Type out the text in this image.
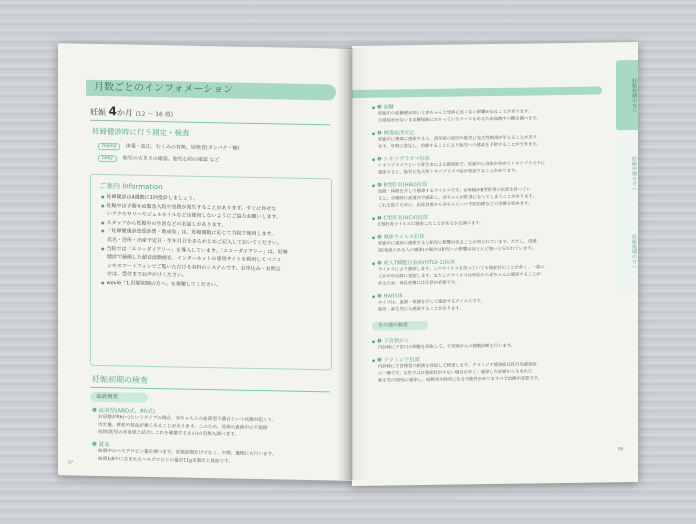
月数ごとのインフォメーション
妊娠 4か月 (12 ～ 16 週)
妊婦健診時に行う測定・検査
mama 体重・血圧、むくみの有無、尿検査(タンパク・糖)
baby 胎児の大きさの確認、胎児心拍の確認 など
ご案内 Information
● 妊婦健診は4週間に1回受診しましょう。
● 妊娠中は予期せぬ緊急入院や処置が発生することがあります。すぐに外せな
いアクセサリーやジェルネイルなどは使用しないようにご協力お願いします。
● スタッフから妊娠中の生活などのお話しがあります。
● 「妊婦健康診査受診票・助成券」は、妊娠週数に応じて当院で使用します。
氏名・住所・出産予定日・生年月日をあらかじめご記入しておいてください。
● 当院では「エコーダイアリー」を導入しています。「エコーダイアリー」は、妊婦
健診で録画した超音波動画を、インターネットの専用サイトを利用してパソコ
ンやスマートフォンでご覧いただける有料のシステムです。お申込み・お問合
せは、受付までお声がけください。
● wovie「1.妊娠初期の方へ」を視聴してください。
妊娠初期の検査
血液検査
❶ 血液型(ABO式、Rh式)
お母様がRh(−)というタイプの場合、赤ちゃんとの血液型不適合という状態が起こり、
出生後、黄疸や貧血が強く出ることがあります。このため、母体の血液中の不規則
抗体(胎児の赤血球と結合しこれを破壊するもの)の有無も調べます。
❷ 貧血
血液中のヘモグロビン量を調べます。妊娠初期だけでなく、中期、後期にも行います。
血液1dl中に含まれるヘモグロビンの量が11g未満だと貧血です。
07
妊娠初期の方へ
妊娠中期の方へ
妊娠後期の方へ
● ❸ 血糖
妊娠中の血糖値が高いと赤ちゃんと母体に良くない影響が出ることがあります。
自覚症状がないまま糖尿病にかかっているケースもあるため血液中の糖を調べます。
● ❹ 梅毒血清反応
妊娠中に梅毒に感染すると、流早産の原因や胎児に先天性梅毒が生じることがあり
ます。早期に発見し、治療することにより胎児への感染を予防することができます。
● ❺ トキソプラズマ抗体
トキソプラズマという寄生虫による感染症で、妊娠中に母体が初めてトキソプラズマに
感染すると、胎児に先天性トキソプラズマ症が発症することがあります。
● ❻ B型肝炎(HBs)抗原
血液・体液を介して感染するウイルスです。お母様がB型肝炎の抗原を持ってい
ると、分娩時に産道内で感染し、赤ちゃんが肝炎になってしまうことがあります。
これを防ぐために、出産直後から赤ちゃんへの予防治療などの治療を始めます。
● ❼ C型肝炎(HCV)抗体
C型肝炎ウイルスに感染したことがあるかを調べます。
● ❽ 風疹ウイルス抗体
妊娠中に風疹に感染すると胎児に影響が出ることが知られています。ただし、再感
染(免疫のある人の感染)の場合は胎児への影響はほとんど無いと言われています。
● ❾ 成人T細胞白血病(HTLV-1)抗体
ウイルスにより感染します。このウイルスを持っていても無症状のことが多く、一部の
人が中年以降に発症します。またこのウイルスは母乳から赤ちゃんに感染することが
あるため、母乳栄養には注意が必要です。
● ❿ HIV抗体
エイズは、血液・体液を介して感染するウイルスです。
胎児・新生児にも感染することがあります。
その他の検査
● ❶ 子宮頸がん
内診時に子宮口の細胞を採取して、子宮頸がんの細胞診断を行います。
● ❷ クラミジア抗原
内診時に子宮頸管の粘液を採取して検査します。クラミジア感染症は性行為感染症
の一種です。女性では自覚症状が少ない場合が多く、感染した妊婦から生まれた
新生児の50%に感染し、結膜炎や肺炎になる可能性がありますので治療が必要です。
08
